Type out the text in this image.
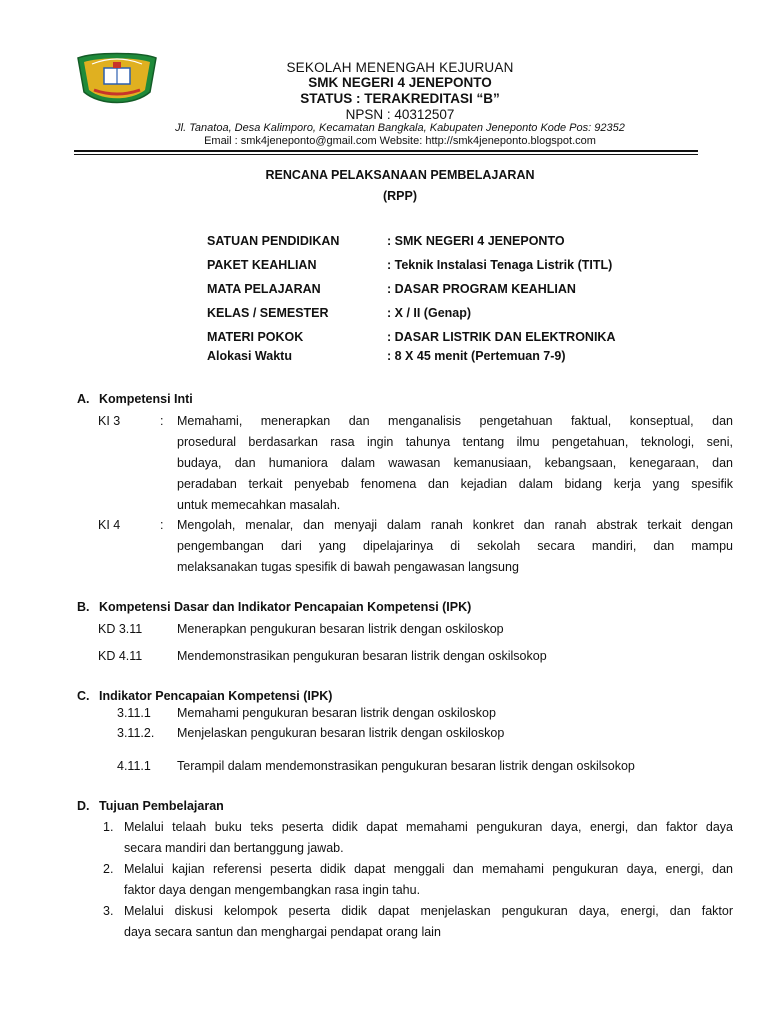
SEKOLAH MENENGAH KEJURUAN
SMK NEGERI 4 JENEPONTO
STATUS : TERAKREDITASI “B”
NPSN : 40312507
Jl. Tanatoa, Desa Kalimporo, Kecamatan Bangkala, Kabupaten Jeneponto Kode Pos: 92352
Email : smk4jeneponto@gmail.com Website: http://smk4jeneponto.blogspot.com
RENCANA PELAKSANAAN PEMBELAJARAN
(RPP)
SATUAN PENDIDIKAN	: SMK NEGERI 4 JENEPONTO
PAKET KEAHLIAN	: Teknik Instalasi Tenaga Listrik (TITL)
MATA PELAJARAN	: DASAR PROGRAM KEAHLIAN
KELAS / SEMESTER	: X / II (Genap)
MATERI POKOK	: DASAR LISTRIK DAN ELEKTRONIKA
Alokasi Waktu	: 8 X 45 menit (Pertemuan 7-9)
A. Kompetensi Inti
KI 3	: Memahami, menerapkan dan menganalisis pengetahuan faktual, konseptual, dan
prosedural berdasarkan rasa ingin tahunya tentang ilmu pengetahuan, teknologi, seni,
budaya, dan humaniora dalam wawasan kemanusiaan, kebangsaan, kenegaraan, dan
peradaban terkait penyebab fenomena dan kejadian dalam bidang kerja yang spesifik
untuk memecahkan masalah.
KI 4	: Mengolah, menalar, dan menyaji dalam ranah konkret dan ranah abstrak terkait dengan
pengembangan dari yang dipelajarinya di sekolah secara mandiri, dan mampu
melaksanakan tugas spesifik di bawah pengawasan langsung
B. Kompetensi Dasar dan Indikator Pencapaian Kompetensi (IPK)
KD 3.11	Menerapkan pengukuran besaran listrik dengan oskiloskop
KD 4.11	Mendemonstrasikan pengukuran besaran listrik dengan oskilsokop
C. Indikator Pencapaian Kompetensi (IPK)
3.11.1 Memahami pengukuran besaran listrik dengan oskiloskop
3.11.2. Menjelaskan pengukuran besaran listrik dengan oskiloskop
4.11.1 Terampil dalam mendemonstrasikan pengukuran besaran listrik dengan oskilsokop
D. Tujuan Pembelajaran
1. Melalui telaah buku teks peserta didik dapat memahami pengukuran daya, energi, dan faktor daya
secara mandiri dan bertanggung jawab.
2. Melalui kajian referensi peserta didik dapat menggali dan memahami pengukuran daya, energi, dan
faktor daya dengan mengembangkan rasa ingin tahu.
3. Melalui diskusi kelompok peserta didik dapat menjelaskan pengukuran daya, energi, dan faktor
daya secara santun dan menghargai pendapat orang lain
